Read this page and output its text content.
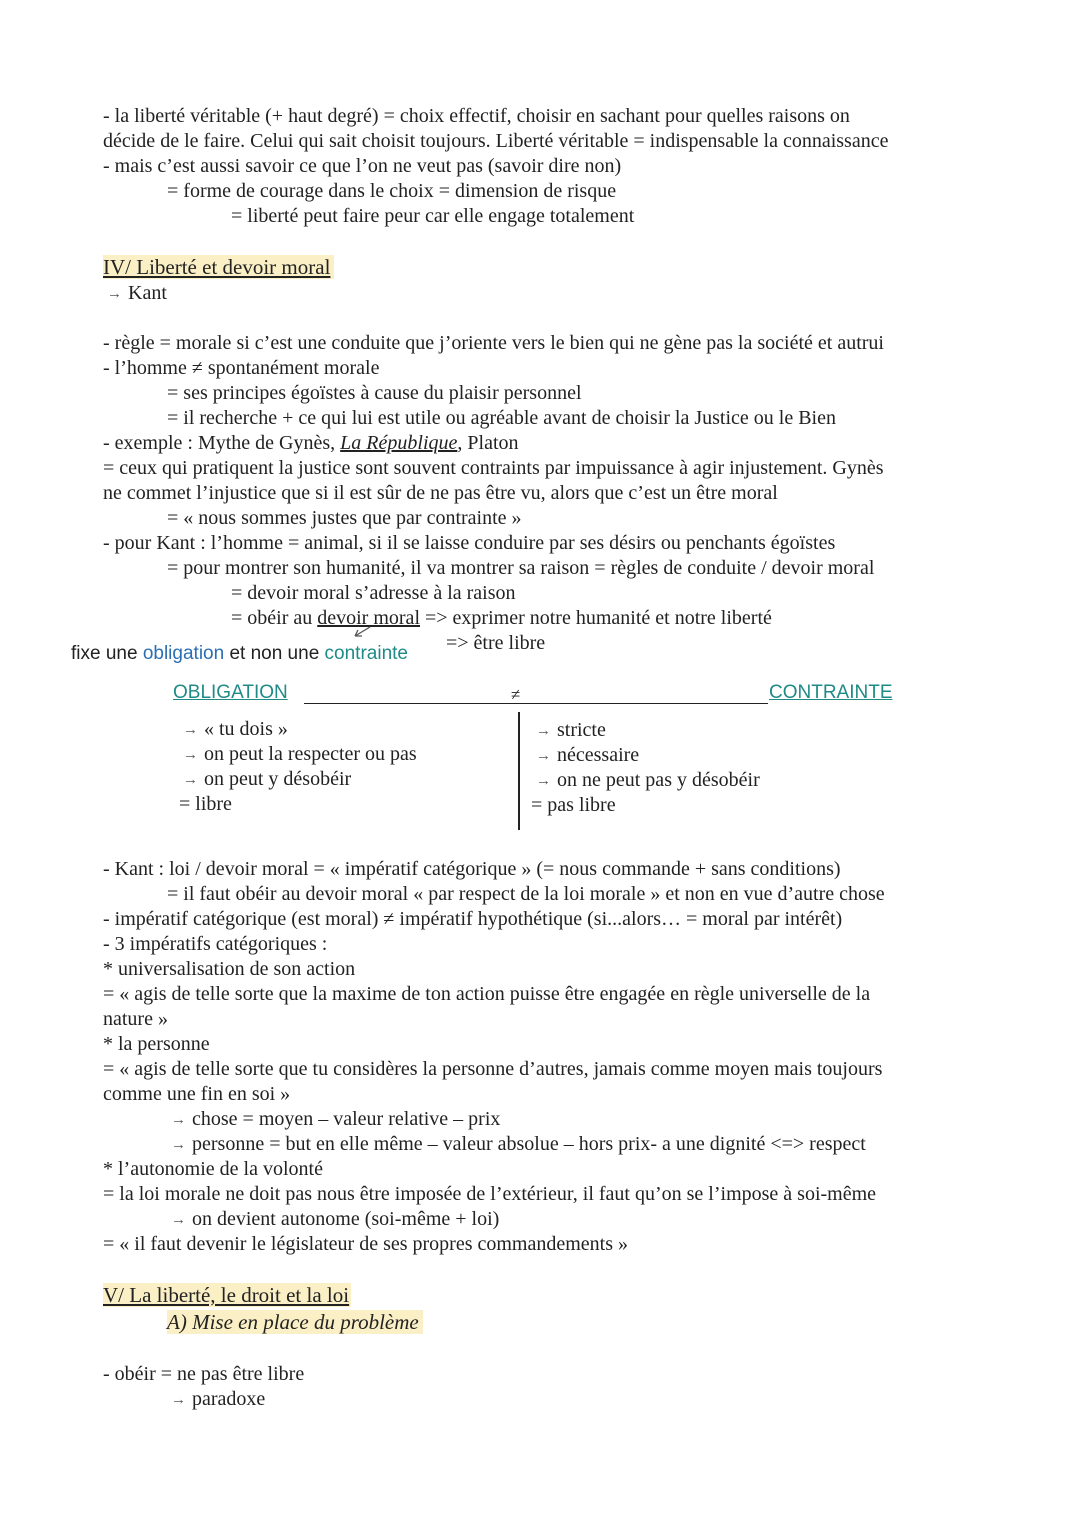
- la liberté véritable (+ haut degré) = choix effectif, choisir en sachant pour quelles raisons on
décide de le faire. Celui qui sait choisit toujours. Liberté véritable = indispensable la connaissance
- mais c’est aussi savoir ce que l’on ne veut pas (savoir dire non)
= forme de courage dans le choix = dimension de risque
= liberté peut faire peur car elle engage totalement
IV/ Liberté et devoir moral
→ Kant
- règle = morale si c’est une conduite que j’oriente vers le bien qui ne gène pas la société et autrui
- l’homme ≠ spontanément morale
= ses principes égoïstes à cause du plaisir personnel
= il recherche + ce qui lui est utile ou agréable avant de choisir la Justice ou le Bien
- exemple : Mythe de Gynès, La République, Platon
= ceux qui pratiquent la justice sont souvent contraints par impuissance à agir injustement. Gynès
ne commet l’injustice que si il est sûr de ne pas être vu, alors que c’est un être moral
= « nous sommes justes que par contrainte »
- pour Kant : l’homme = animal, si il se laisse conduire par ses désirs ou penchants égoïstes
= pour montrer son humanité, il va montrer sa raison = règles de conduite / devoir moral
= devoir moral s’adresse à la raison
= obéir au devoir moral => exprimer notre humanité et notre liberté
=> être libre
fixe une obligation et non une contrainte
OBLIGATION	≠	CONTRAINTE
→ « tu dois »
→ on peut la respecter ou pas
→ on peut y désobéir
= libre
→ stricte
→ nécessaire
→ on ne peut pas y désobéir
= pas libre
- Kant : loi / devoir moral = « impératif catégorique » (= nous commande + sans conditions)
= il faut obéir au devoir moral « par respect de la loi morale » et non en vue d’autre chose
- impératif catégorique (est moral) ≠ impératif hypothétique (si...alors… = moral par intérêt)
- 3 impératifs catégoriques :
* universalisation de son action
= « agis de telle sorte que la maxime de ton action puisse être engagée en règle universelle de la
nature »
* la personne
= « agis de telle sorte que tu considères la personne d’autres, jamais comme moyen mais toujours
comme une fin en soi »
→ chose = moyen – valeur relative – prix
→ personne = but en elle même – valeur absolue – hors prix- a une dignité <=> respect
* l’autonomie de la volonté
= la loi morale ne doit pas nous être imposée de l’extérieur, il faut qu’on se l’impose à soi-même
→ on devient autonome (soi-même + loi)
= « il faut devenir le législateur de ses propres commandements »
V/ La liberté, le droit et la loi
A) Mise en place du problème
- obéir = ne pas être libre
→ paradoxe
